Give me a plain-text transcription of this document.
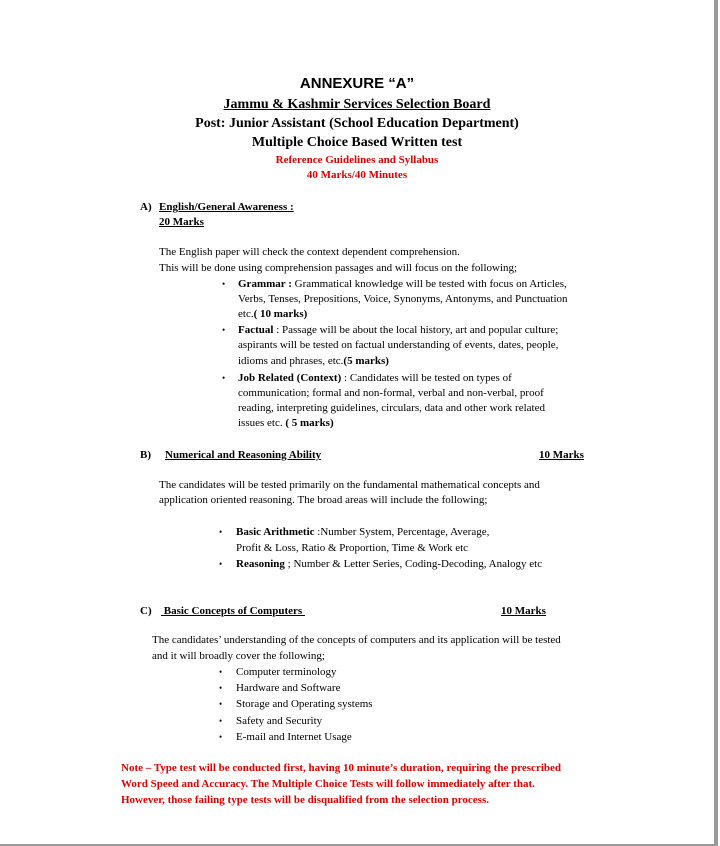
ANNEXURE “A”
Jammu & Kashmir Services Selection Board
Post: Junior Assistant (School Education Department)
Multiple Choice Based Written test
Reference Guidelines and Syllabus
40 Marks/40 Minutes
A) English/General Awareness :
20 Marks
The English paper will check the context dependent comprehension.
This will be done using comprehension passages and will focus on the following;
• Grammar : Grammatical knowledge will be tested with focus on Articles,
Verbs, Tenses, Prepositions, Voice, Synonyms, Antonyms, and Punctuation
etc.( 10 marks)
• Factual : Passage will be about the local history, art and popular culture;
aspirants will be tested on factual understanding of events, dates, people,
idioms and phrases, etc.(5 marks)
• Job Related (Context) : Candidates will be tested on types of
communication; formal and non-formal, verbal and non-verbal, proof
reading, interpreting guidelines, circulars, data and other work related
issues etc. ( 5 marks)
B) Numerical and Reasoning Ability	10 Marks
The candidates will be tested primarily on the fundamental mathematical concepts and
application oriented reasoning. The broad areas will include the following;
• Basic Arithmetic :Number System, Percentage, Average,
Profit & Loss, Ratio & Proportion, Time & Work etc
• Reasoning ; Number & Letter Series, Coding-Decoding, Analogy etc
C) Basic Concepts of Computers	10 Marks
The candidates’ understanding of the concepts of computers and its application will be tested
and it will broadly cover the following;
• Computer terminology
• Hardware and Software
• Storage and Operating systems
• Safety and Security
• E-mail and Internet Usage
Note – Type test will be conducted first, having 10 minute’s duration, requiring the prescribed
Word Speed and Accuracy. The Multiple Choice Tests will follow immediately after that.
However, those failing type tests will be disqualified from the selection process.
